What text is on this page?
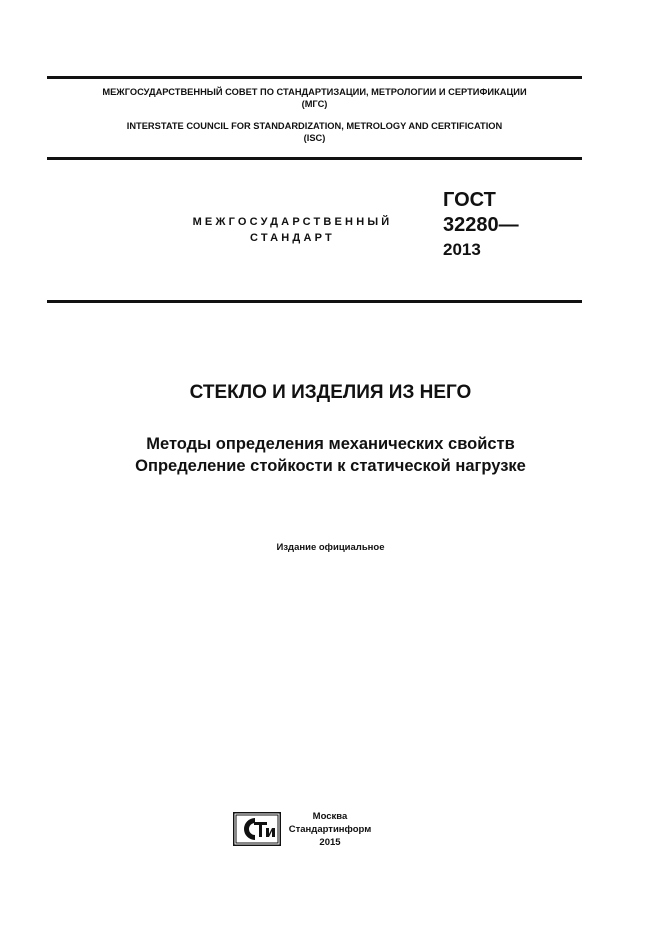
МЕЖГОСУДАРСТВЕННЫЙ СОВЕТ ПО СТАНДАРТИЗАЦИИ, МЕТРОЛОГИИ И СЕРТИФИКАЦИИ
(МГС)
INTERSTATE COUNCIL FOR STANDARDIZATION, METROLOGY AND CERTIFICATION
(ISC)
МЕЖГОСУДАРСТВЕННЫЙ
СТАНДАРТ
ГОСТ
32280—
2013
СТЕКЛО И ИЗДЕЛИЯ ИЗ НЕГО
Методы определения механических свойств
Определение стойкости к статической нагрузке
Издание официальное
Москва
Стандартинформ
2015
